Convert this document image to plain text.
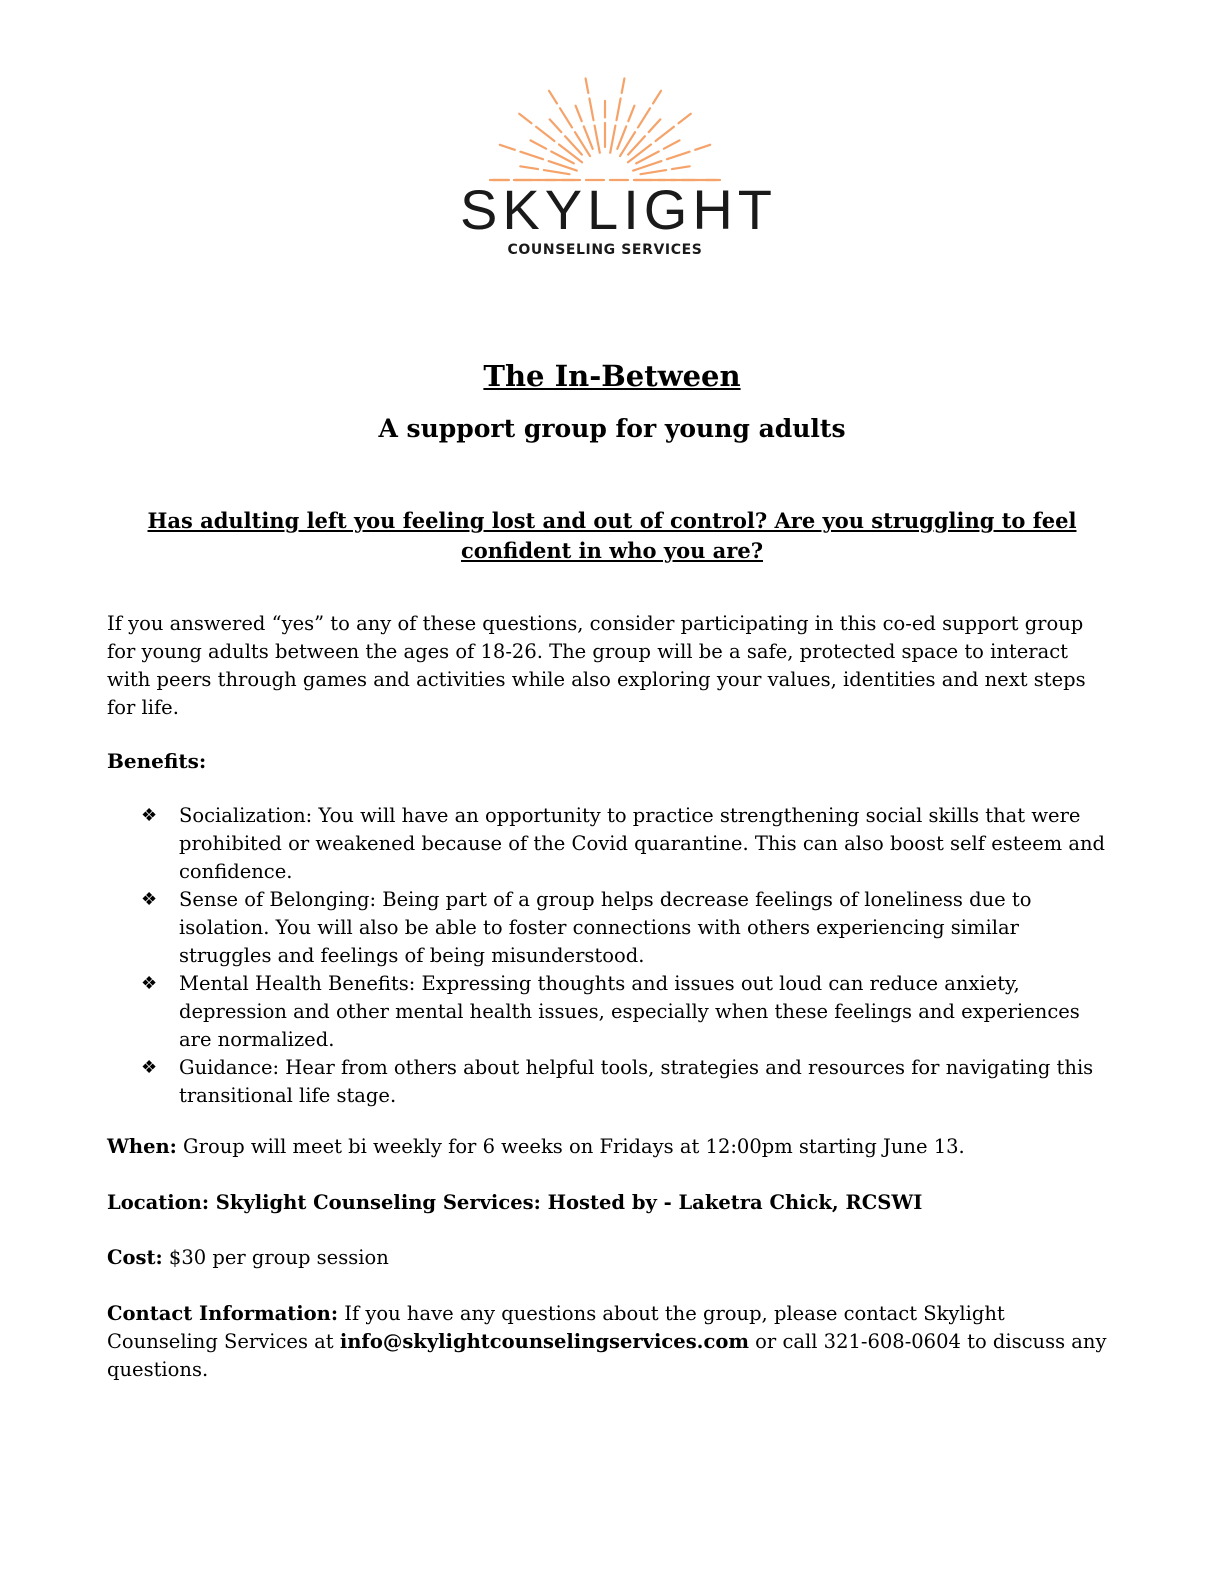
SKYLIGHT
COUNSELING SERVICES
The In-Between
A support group for young adults
Has adulting left you feeling lost and out of control? Are you struggling to feel confident in who you are?
If you answered “yes” to any of these questions, consider participating in this co-ed support group for young adults between the ages of 18-26. The group will be a safe, protected space to interact with peers through games and activities while also exploring your values, identities and next steps for life.
Benefits:
❖ Socialization: You will have an opportunity to practice strengthening social skills that were prohibited or weakened because of the Covid quarantine. This can also boost self esteem and confidence.
❖ Sense of Belonging: Being part of a group helps decrease feelings of loneliness due to isolation. You will also be able to foster connections with others experiencing similar struggles and feelings of being misunderstood.
❖ Mental Health Benefits: Expressing thoughts and issues out loud can reduce anxiety, depression and other mental health issues, especially when these feelings and experiences are normalized.
❖ Guidance: Hear from others about helpful tools, strategies and resources for navigating this transitional life stage.
When: Group will meet bi weekly for 6 weeks on Fridays at 12:00pm starting June 13.
Location: Skylight Counseling Services: Hosted by - Laketra Chick, RCSWI
Cost: $30 per group session
Contact Information: If you have any questions about the group, please contact Skylight Counseling Services at info@skylightcounselingservices.com or call 321-608-0604 to discuss any questions.
